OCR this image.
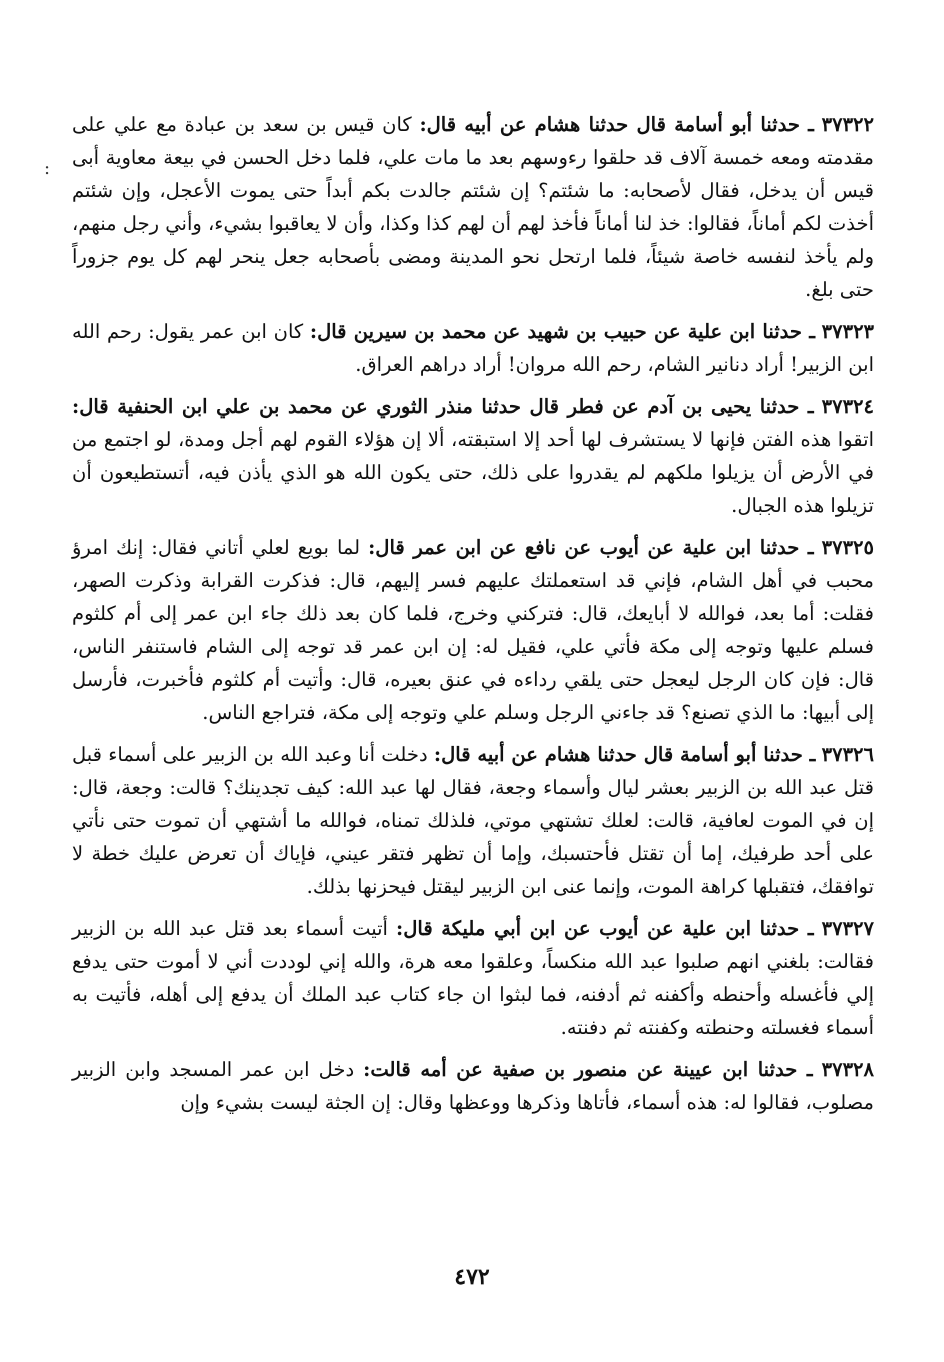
:

٣٧٣٢٢ ـ حدثنا أبو أسامة قال حدثنا هشام عن أبيه قال: كان قيس بن سعد بن عبادة مع علي على مقدمته ومعه خمسة آلاف قد حلقوا رءوسهم بعد ما مات علي، فلما دخل الحسن في بيعة معاوية أبى قيس أن يدخل، فقال لأصحابه: ما شئتم؟ إن شئتم جالدت بكم أبداً حتى يموت الأعجل، وإن شئتم أخذت لكم أماناً، فقالوا: خذ لنا أماناً فأخذ لهم أن لهم كذا وكذا، وأن لا يعاقبوا بشيء، وأني رجل منهم، ولم يأخذ لنفسه خاصة شيئاً، فلما ارتحل نحو المدينة ومضى بأصحابه جعل ينحر لهم كل يوم جزوراً حتى بلغ.

٣٧٣٢٣ ـ حدثنا ابن علية عن حبيب بن شهيد عن محمد بن سيرين قال: كان ابن عمر يقول: رحم الله ابن الزبير! أراد دنانير الشام، رحم الله مروان! أراد دراهم العراق.

٣٧٣٢٤ ـ حدثنا يحيى بن آدم عن فطر قال حدثنا منذر الثوري عن محمد بن علي ابن الحنفية قال: اتقوا هذه الفتن فإنها لا يستشرف لها أحد إلا استبقته، ألا إن هؤلاء القوم لهم أجل ومدة، لو اجتمع من في الأرض أن يزيلوا ملكهم لم يقدروا على ذلك، حتى يكون الله هو الذي يأذن فيه، أتستطيعون أن تزيلوا هذه الجبال.

٣٧٣٢٥ ـ حدثنا ابن علية عن أيوب عن نافع عن ابن عمر قال: لما بويع لعلي أتاني فقال: إنك امرؤ محبب في أهل الشام، فإني قد استعملتك عليهم فسر إليهم، قال: فذكرت القرابة وذكرت الصهر، فقلت: أما بعد، فوالله لا أبايعك، قال: فتركني وخرج، فلما كان بعد ذلك جاء ابن عمر إلى أم كلثوم فسلم عليها وتوجه إلى مكة فأتي علي، فقيل له: إن ابن عمر قد توجه إلى الشام فاستنفر الناس، قال: فإن كان الرجل ليعجل حتى يلقي رداءه في عنق بعيره، قال: وأتيت أم كلثوم فأخبرت، فأرسل إلى أبيها: ما الذي تصنع؟ قد جاءني الرجل وسلم علي وتوجه إلى مكة، فتراجع الناس.

٣٧٣٢٦ ـ حدثنا أبو أسامة قال حدثنا هشام عن أبيه قال: دخلت أنا وعبد الله بن الزبير على أسماء قبل قتل عبد الله بن الزبير بعشر ليال وأسماء وجعة، فقال لها عبد الله: كيف تجدينك؟ قالت: وجعة، قال: إن في الموت لعافية، قالت: لعلك تشتهي موتي، فلذلك تمناه، فوالله ما أشتهي أن تموت حتى نأتي على أحد طرفيك، إما أن تقتل فأحتسبك، وإما أن تظهر فتقر عيني، فإياك أن تعرض عليك خطة لا توافقك، فتقبلها كراهة الموت، وإنما عنى ابن الزبير ليقتل فيحزنها بذلك.

٣٧٣٢٧ ـ حدثنا ابن علية عن أيوب عن ابن أبي مليكة قال: أتيت أسماء بعد قتل عبد الله بن الزبير فقالت: بلغني انهم صلبوا عبد الله منكساً، وعلقوا معه هرة، والله إني لوددت أني لا أموت حتى يدفع إلي فأغسله وأحنطه وأكفنه ثم أدفنه، فما لبثوا ان جاء كتاب عبد الملك أن يدفع إلى أهله، فأتيت به أسماء فغسلته وحنطته وكفنته ثم دفنته.

٣٧٣٢٨ ـ حدثنا ابن عيينة عن منصور بن صفية عن أمه قالت: دخل ابن عمر المسجد وابن الزبير مصلوب، فقالوا له: هذه أسماء، فأتاها وذكرها ووعظها وقال: إن الجثة ليست بشيء وإن

٤٧٢
